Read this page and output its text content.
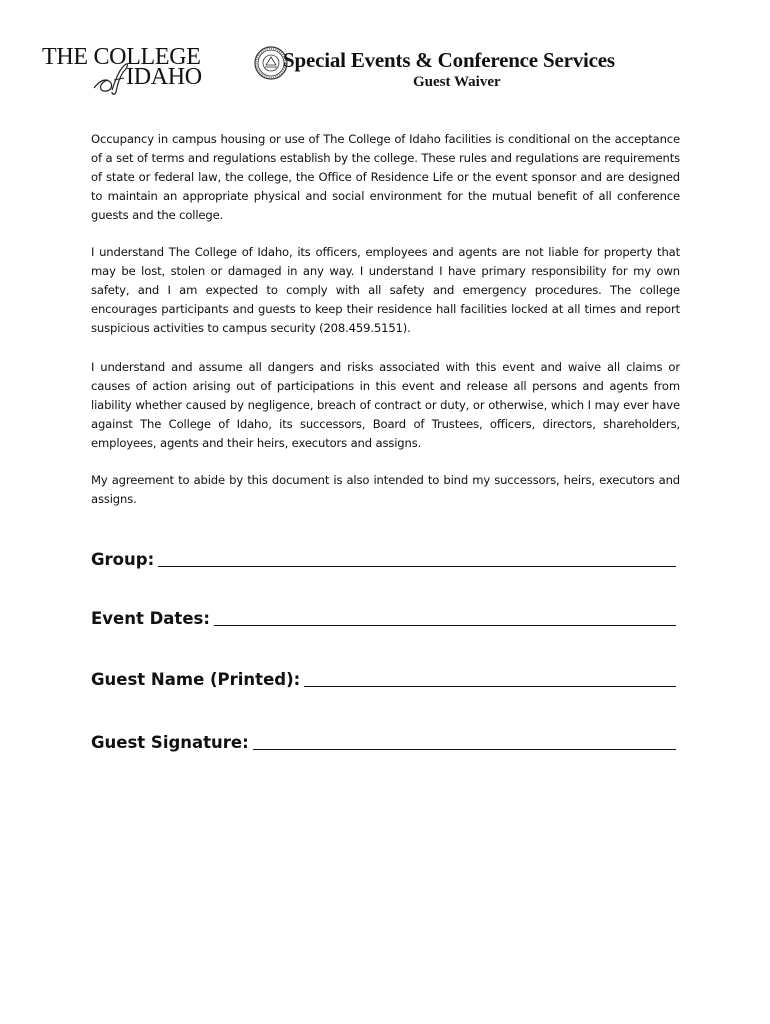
THE COLLEGE
IDAHO
Special Events & Conference Services
Guest Waiver

Occupancy in campus housing or use of The College of Idaho facilities is conditional on the acceptance of a set of terms and regulations establish by the college. These rules and regulations are requirements of state or federal law, the college, the Office of Residence Life or the event sponsor and are designed to maintain an appropriate physical and social environment for the mutual benefit of all conference guests and the college.

I understand The College of Idaho, its officers, employees and agents are not liable for property that may be lost, stolen or damaged in any way. I understand I have primary responsibility for my own safety, and I am expected to comply with all safety and emergency procedures. The college encourages participants and guests to keep their residence hall facilities locked at all times and report suspicious activities to campus security (208.459.5151).

I understand and assume all dangers and risks associated with this event and waive all claims or causes of action arising out of participations in this event and release all persons and agents from liability whether caused by negligence, breach of contract or duty, or otherwise, which I may ever have against The College of Idaho, its successors, Board of Trustees, officers, directors, shareholders, employees, agents and their heirs, executors and assigns.

My agreement to abide by this document is also intended to bind my successors, heirs, executors and assigns.

Group:
Event Dates:
Guest Name (Printed):
Guest Signature:
